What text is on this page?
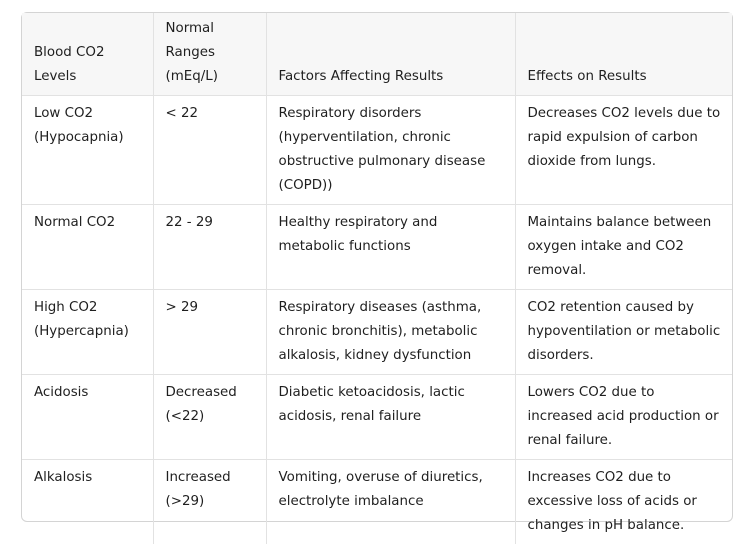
Blood CO2 Levels	Normal Ranges (mEq/L)	Factors Affecting Results	Effects on Results
Low CO2 (Hypocapnia)	< 22	Respiratory disorders (hyperventilation, chronic obstructive pulmonary disease (COPD))	Decreases CO2 levels due to rapid expulsion of carbon dioxide from lungs.
Normal CO2	22 - 29	Healthy respiratory and metabolic functions	Maintains balance between oxygen intake and CO2 removal.
High CO2 (Hypercapnia)	> 29	Respiratory diseases (asthma, chronic bronchitis), metabolic alkalosis, kidney dysfunction	CO2 retention caused by hypoventilation or metabolic disorders.
Acidosis	Decreased (<22)	Diabetic ketoacidosis, lactic acidosis, renal failure	Lowers CO2 due to increased acid production or renal failure.
Alkalosis	Increased (>29)	Vomiting, overuse of diuretics, electrolyte imbalance	Increases CO2 due to excessive loss of acids or changes in pH balance.
